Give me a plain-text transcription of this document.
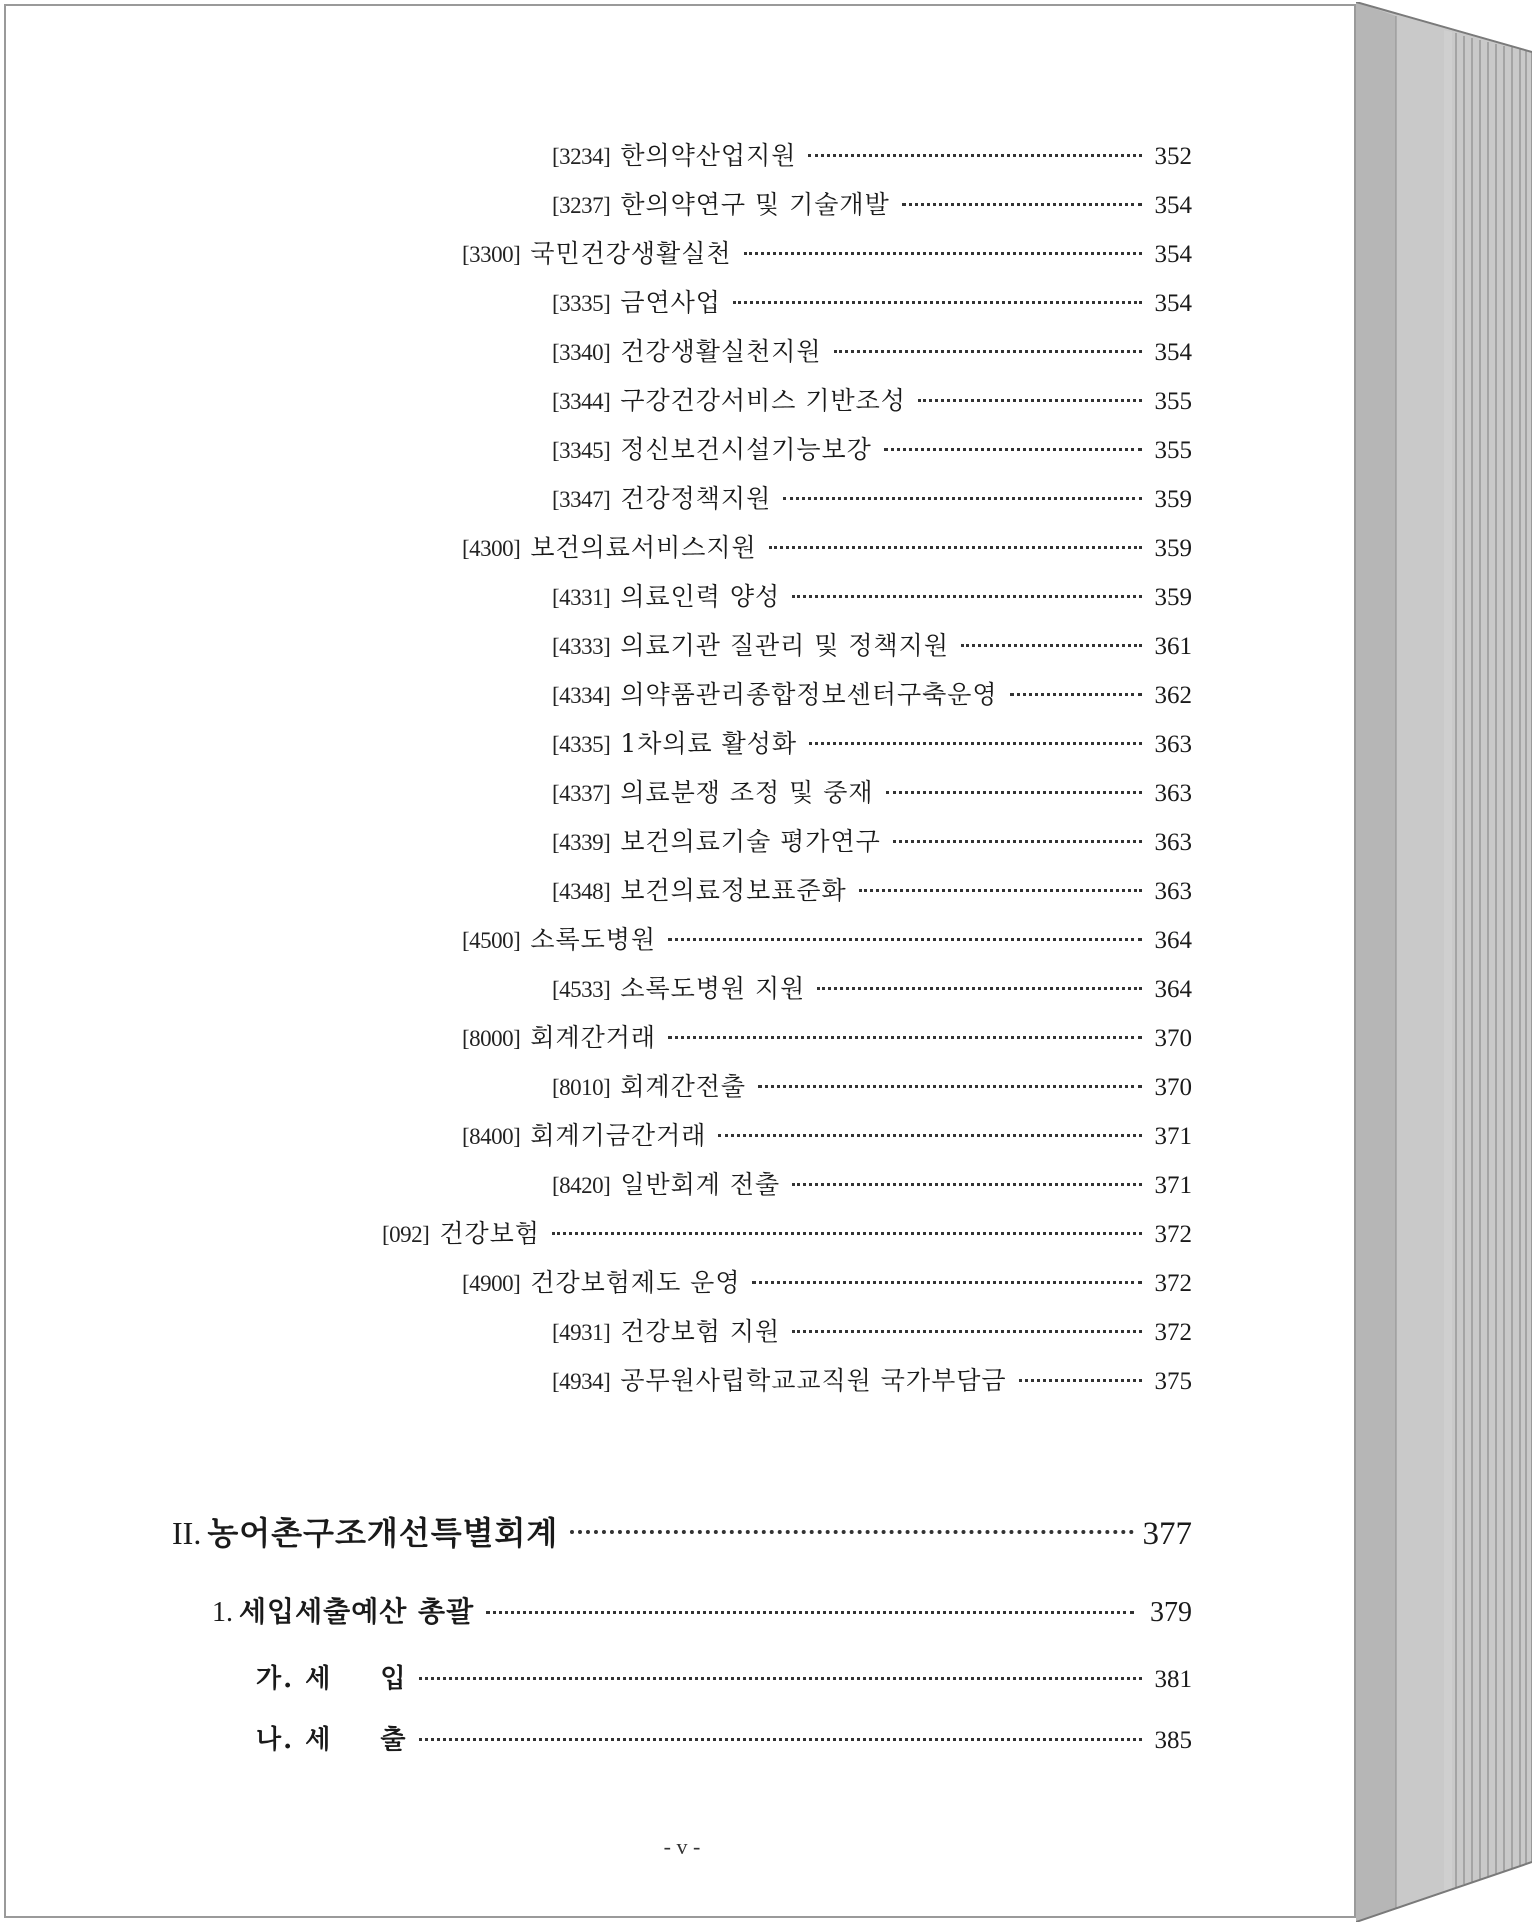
[3234] 한의약산업지원	352
[3237] 한의약연구 및 기술개발	354
[3300] 국민건강생활실천	354
[3335] 금연사업	354
[3340] 건강생활실천지원	354
[3344] 구강건강서비스 기반조성	355
[3345] 정신보건시설기능보강	355
[3347] 건강정책지원	359
[4300] 보건의료서비스지원	359
[4331] 의료인력 양성	359
[4333] 의료기관 질관리 및 정책지원	361
[4334] 의약품관리종합정보센터구축운영	362
[4335] 1차의료 활성화	363
[4337] 의료분쟁 조정 및 중재	363
[4339] 보건의료기술 평가연구	363
[4348] 보건의료정보표준화	363
[4500] 소록도병원	364
[4533] 소록도병원 지원	364
[8000] 회계간거래	370
[8010] 회계간전출	370
[8400] 회계기금간거래	371
[8420] 일반회계 전출	371
[092] 건강보험	372
[4900] 건강보험제도 운영	372
[4931] 건강보험 지원	372
[4934] 공무원사립학교교직원 국가부담금	375
II. 농어촌구조개선특별회계	377
1. 세입세출예산 총괄	379
가. 세 입	381
나. 세 출	385
- v -
